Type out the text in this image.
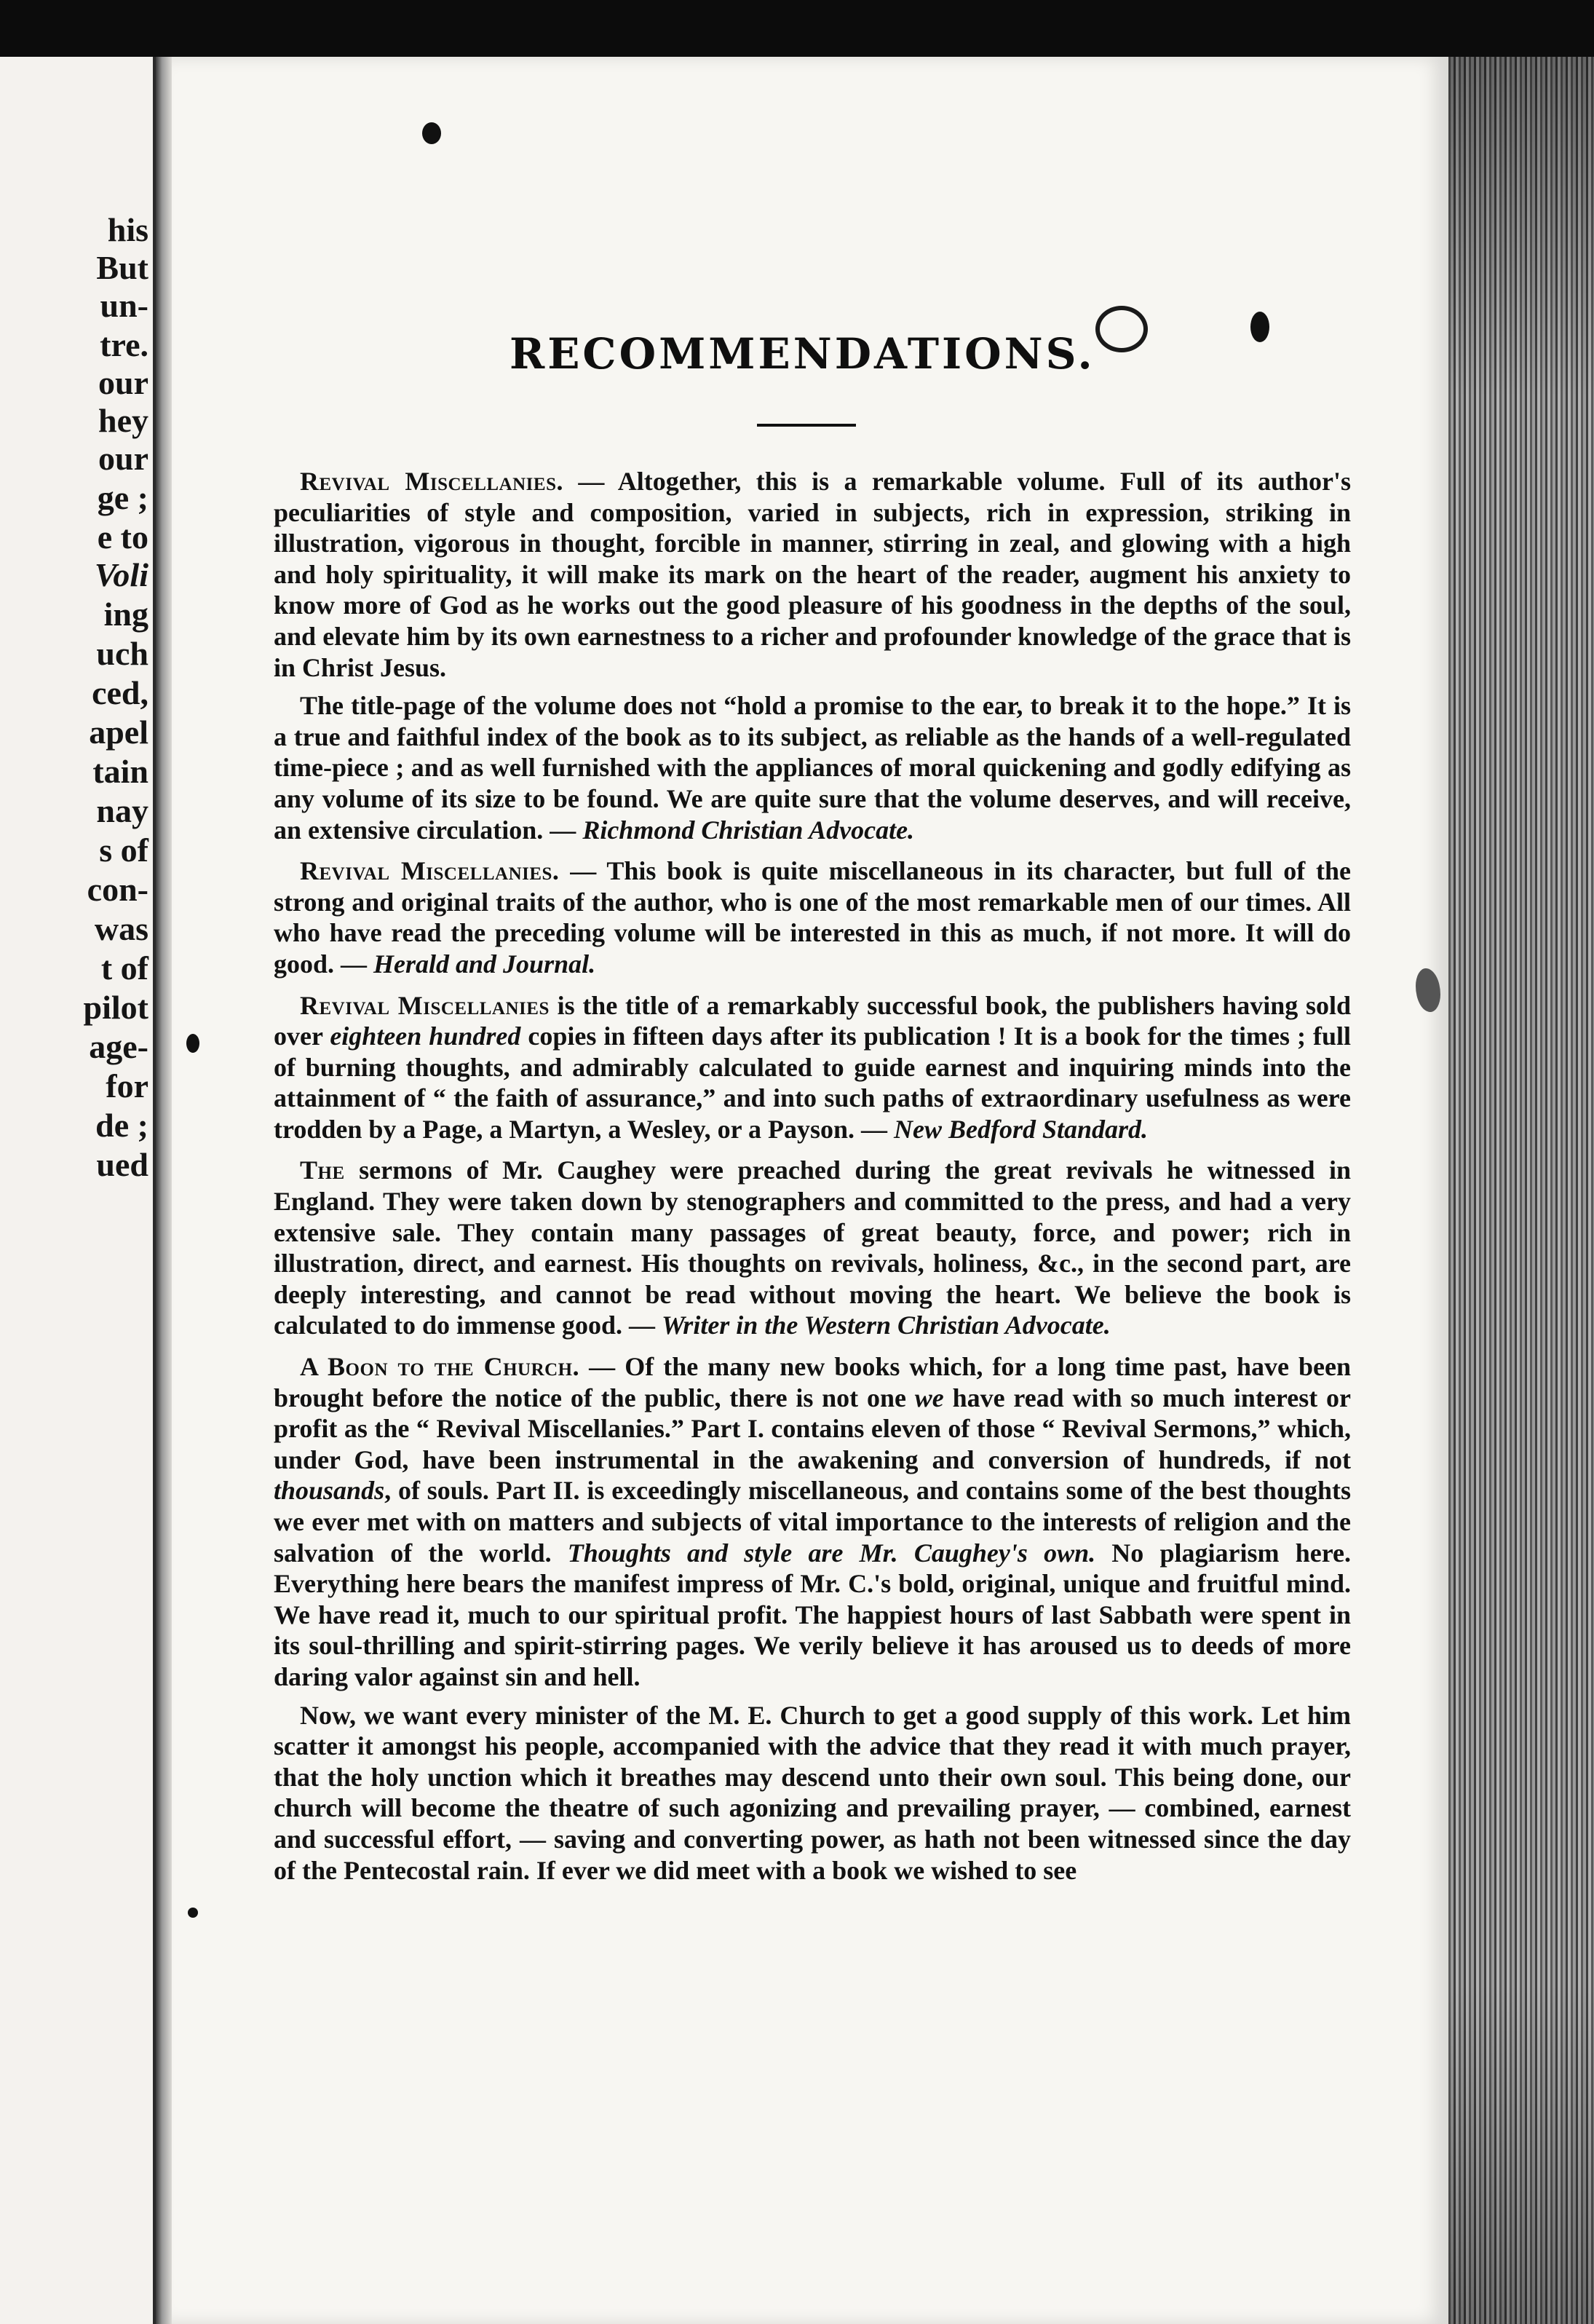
his
But
un-
tre.
our
hey
our
ge ;
e to
Voli
ing
uch
ced,
apel
tain
nay
s of
con-
was
t of
pilot
age-
for
de ;
ued
RECOMMENDATIONS.

Revival Miscellanies. — Altogether, this is a remarkable volume. Full of its author's peculiarities of style and composition, varied in subjects, rich in expression, striking in illustration, vigorous in thought, forcible in manner, stirring in zeal, and glowing with a high and holy spirituality, it will make its mark on the heart of the reader, augment his anxiety to know more of God as he works out the good pleasure of his goodness in the depths of the soul, and elevate him by its own earnestness to a richer and profounder knowledge of the grace that is in Christ Jesus.

The title-page of the volume does not “hold a promise to the ear, to break it to the hope.” It is a true and faithful index of the book as to its subject, as reliable as the hands of a well-regulated time-piece ; and as well furnished with the appliances of moral quickening and godly edifying as any volume of its size to be found. We are quite sure that the volume deserves, and will receive, an extensive circulation. — Richmond Christian Advocate.

Revival Miscellanies. — This book is quite miscellaneous in its character, but full of the strong and original traits of the author, who is one of the most remarkable men of our times. All who have read the preceding volume will be interested in this as much, if not more. It will do good. — Herald and Journal.

Revival Miscellanies is the title of a remarkably successful book, the publishers having sold over eighteen hundred copies in fifteen days after its publication ! It is a book for the times ; full of burning thoughts, and admirably calculated to guide earnest and inquiring minds into the attainment of “ the faith of assurance,” and into such paths of extraordinary usefulness as were trodden by a Page, a Martyn, a Wesley, or a Payson. — New Bedford Standard.

The sermons of Mr. Caughey were preached during the great revivals he witnessed in England. They were taken down by stenographers and committed to the press, and had a very extensive sale. They contain many passages of great beauty, force, and power; rich in illustration, direct, and earnest. His thoughts on revivals, holiness, &c., in the second part, are deeply interesting, and cannot be read without moving the heart. We believe the book is calculated to do immense good. — Writer in the Western Christian Advocate.

A Boon to the Church. — Of the many new books which, for a long time past, have been brought before the notice of the public, there is not one we have read with so much interest or profit as the “ Revival Miscellanies.” Part I. contains eleven of those “ Revival Sermons,” which, under God, have been instrumental in the awakening and conversion of hundreds, if not thousands, of souls. Part II. is exceedingly miscellaneous, and contains some of the best thoughts we ever met with on matters and subjects of vital importance to the interests of religion and the salvation of the world. Thoughts and style are Mr. Caughey's own. No plagiarism here. Everything here bears the manifest impress of Mr. C.'s bold, original, unique and fruitful mind. We have read it, much to our spiritual profit. The happiest hours of last Sabbath were spent in its soul-thrilling and spirit-stirring pages. We verily believe it has aroused us to deeds of more daring valor against sin and hell.

Now, we want every minister of the M. E. Church to get a good supply of this work. Let him scatter it amongst his people, accompanied with the advice that they read it with much prayer, that the holy unction which it breathes may descend unto their own soul. This being done, our church will become the theatre of such agonizing and prevailing prayer, — combined, earnest and successful effort, — saving and converting power, as hath not been witnessed since the day of the Pentecostal rain. If ever we did meet with a book we wished to see
